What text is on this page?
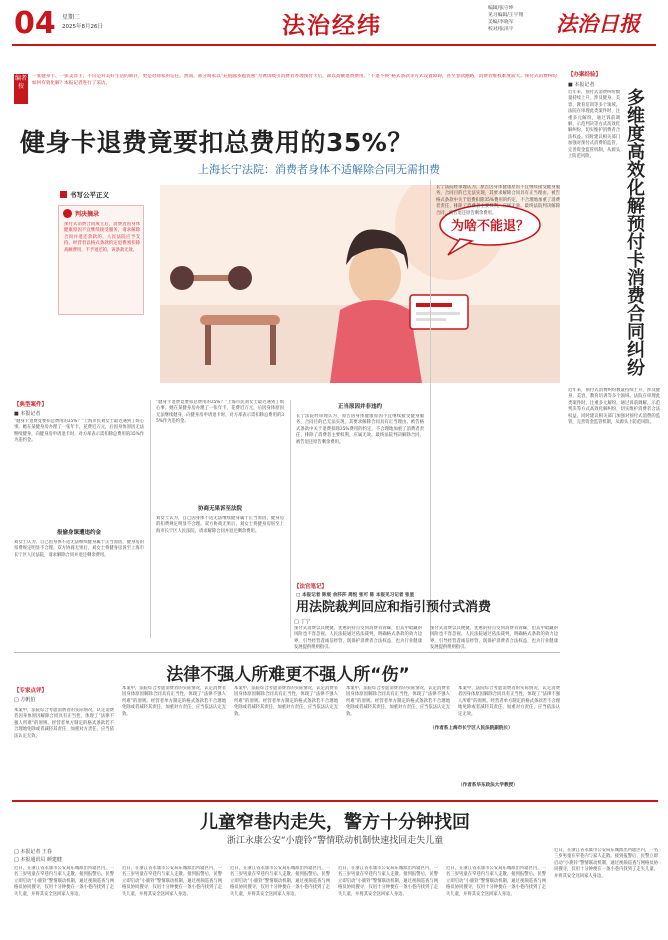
04 星期二
2025年8月26日	法治经纬
编辑/张守坤
见习编辑/王宇翔
美编/李晓军
校对/张泽宇	法治日报
编者按
一张健身卡、一张美容卡，不仅是对美好生活的期许，更是对商家的信任。然而，部分商家以“充值越多越优惠”为诱饵吸引消费者办理预付卡后，却以高额退费费用、“不退不换”格式条款等方式设置障碍，甚至卷款跑路，消费者维权难度较大。预付式消费纠纷如何有效化解？本报记者进行了采访。
健身卡退费竟要扣总费用的35%？
上海长宁法院：消费者身体不适解除合同无需扣费
书写公平正义
判决摘录
预付式消费合同成立后，消费者因身体健康原因不宜继续接受服务，请求解除合同并退还余款的，人民法院应予支持。经营者以格式条款约定退费须扣除高额费用、不予退还的，该条款无效。
为啥不能退？
【典型案件】
■ 本报记者
“健身卡退费竟要扣总费用的35%？”上海市民刘女士最近遇到了烦心事。她在某健身房办理了一张年卡，花费近万元，后因身体原因无法继续健身，向健身房申请退卡时，对方却表示需扣除总费用的35%作为违约金。
报偷身课遭违约金
刘女士认为，自己因身体不适无法继续健身属于正当原因，健身房的扣费规定明显不合理。双方协商无果后，刘女士将健身房诉至上海市长宁区人民法院，请求解除合同并退还剩余费用。
“健身卡退费竟要扣总费用的35%？”上海市民刘女士最近遇到了烦心事。她在某健身房办理了一张年卡，花费近万元，后因身体原因无法继续健身，向健身房申请退卡时，对方却表示需扣除总费用的35%作为违约金。
协商无果诉至法院
刘女士认为，自己因身体不适无法继续健身属于正当原因，健身房的扣费规定明显不合理。双方协商无果后，刘女士将健身房诉至上海市长宁区人民法院，请求解除合同并退还剩余费用。
正当原因并非违约
长宁法院经审理认为，原告因身体健康原因不宜继续接受健身服务，合同目的已无法实现，其要求解除合同具有正当理由。被告格式条款中关于退费扣除35%费用的约定，不合理地加重了消费者责任、排除了消费者主要权利，应属无效。最终法院判决解除合同，被告退还原告剩余费用。
□ 本报记者 陈宸 余莎莎 周悦 张可 陈 本报见习记者 张星
长宁法院经审理认为，原告因身体健康原因不宜继续接受健身服务，合同目的已无法实现，其要求解除合同具有正当理由。被告格式条款中关于退费扣除35%费用的约定，不合理地加重了消费者责任、排除了消费者主要权利，应属无效。最终法院判决解除合同，被告退还原告剩余费用。
【法官笔记】
用法院裁判回应和指引预付式消费
□ 丁宁
预付式消费以其便捷、优惠的特点受到消费者青睐，但其中暗藏的风险也不容忽视。人民法院通过依法裁判，明确格式条款的效力边界，引导经营者诚信经营，既保护消费者合法权益，也为行业健康发展提供规则指引。
预付式消费以其便捷、优惠的特点受到消费者青睐，但其中暗藏的风险也不容忽视。人民法院通过依法裁判，明确格式条款的效力边界，引导经营者诚信经营，既保护消费者合法权益，也为行业健康发展提供规则指引。
（作者系上海市长宁区人民法院副院长）
【办案经验】
■ 本报记者
多维度高效化解预付卡消费合同纠纷
近年来，预付式消费纠纷数量持续上升，涉及健身、美容、教育培训等多个领域。法院在审理此类案件时，注重多元解纷，通过诉前调解、示范判决等方式高效化解纠纷，切实维护消费者合法权益。同时建议相关部门加强对预付式消费的监管，完善资金监管机制，从源头上防范风险。
近年来，预付式消费纠纷数量持续上升，涉及健身、美容、教育培训等多个领域。法院在审理此类案件时，注重多元解纷，通过诉前调解、示范判决等方式高效化解纠纷，切实维护消费者合法权益。同时建议相关部门加强对预付式消费的监管，完善资金监管机制，从源头上防范风险。
法律不强人所难更不强人所“伤”
【专家点评】
□ 方帆伯
本案中，法院综合考虑消费者的实际情况，认定消费者因身体原因解除合同具有正当性，体现了“法律不强人所难”的原则。经营者单方制定的格式条款若不合理地免除或者减轻其责任、加重对方责任，应当依法认定无效。
本案中，法院综合考虑消费者的实际情况，认定消费者因身体原因解除合同具有正当性，体现了“法律不强人所难”的原则。经营者单方制定的格式条款若不合理地免除或者减轻其责任、加重对方责任，应当依法认定无效。
本案中，法院综合考虑消费者的实际情况，认定消费者因身体原因解除合同具有正当性，体现了“法律不强人所难”的原则。经营者单方制定的格式条款若不合理地免除或者减轻其责任、加重对方责任，应当依法认定无效。
本案中，法院综合考虑消费者的实际情况，认定消费者因身体原因解除合同具有正当性，体现了“法律不强人所难”的原则。经营者单方制定的格式条款若不合理地免除或者减轻其责任、加重对方责任，应当依法认定无效。
本案中，法院综合考虑消费者的实际情况，认定消费者因身体原因解除合同具有正当性，体现了“法律不强人所难”的原则。经营者单方制定的格式条款若不合理地免除或者减轻其责任、加重对方责任，应当依法认定无效。
（作者系华东政法大学教授）
儿童窄巷内走失，警方十分钟找回
浙江永康公安“小鹿铃”警情联动机制快速找回走失儿童
□ 本报记者 王春
□ 本报通讯员 颜建健
近日，在浙江省永康市公安局东城派出所辖区内，一名三岁男童在窄巷内与家人走散。接到报警后，民警立即启动“小鹿铃”警情联动机制，通过视频巡查与网格员协同搜寻，仅用十分钟便在一条小巷内找到了走失儿童，并将其安全送回家人身边。
近日，在浙江省永康市公安局东城派出所辖区内，一名三岁男童在窄巷内与家人走散。接到报警后，民警立即启动“小鹿铃”警情联动机制，通过视频巡查与网格员协同搜寻，仅用十分钟便在一条小巷内找到了走失儿童，并将其安全送回家人身边。
近日，在浙江省永康市公安局东城派出所辖区内，一名三岁男童在窄巷内与家人走散。接到报警后，民警立即启动“小鹿铃”警情联动机制，通过视频巡查与网格员协同搜寻，仅用十分钟便在一条小巷内找到了走失儿童，并将其安全送回家人身边。
近日，在浙江省永康市公安局东城派出所辖区内，一名三岁男童在窄巷内与家人走散。接到报警后，民警立即启动“小鹿铃”警情联动机制，通过视频巡查与网格员协同搜寻，仅用十分钟便在一条小巷内找到了走失儿童，并将其安全送回家人身边。
近日，在浙江省永康市公安局东城派出所辖区内，一名三岁男童在窄巷内与家人走散。接到报警后，民警立即启动“小鹿铃”警情联动机制，通过视频巡查与网格员协同搜寻，仅用十分钟便在一条小巷内找到了走失儿童，并将其安全送回家人身边。
近日，在浙江省永康市公安局东城派出所辖区内，一名三岁男童在窄巷内与家人走散。接到报警后，民警立即启动“小鹿铃”警情联动机制，通过视频巡查与网格员协同搜寻，仅用十分钟便在一条小巷内找到了走失儿童，并将其安全送回家人身边。
